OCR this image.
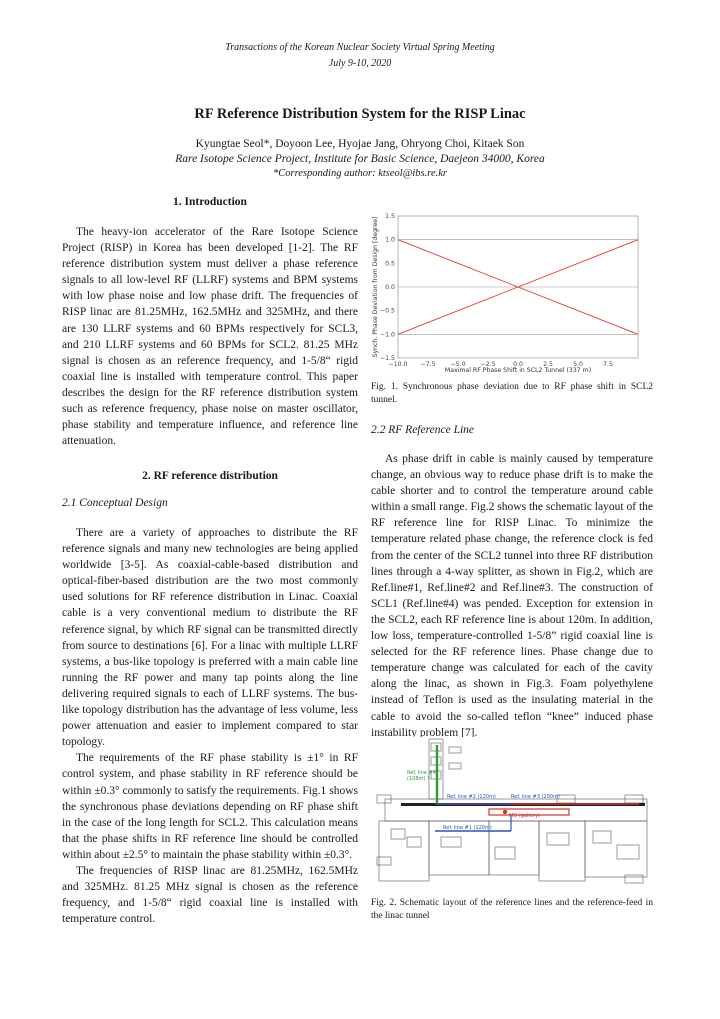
Transactions of the Korean Nuclear Society Virtual Spring Meeting
July 9-10, 2020
RF Reference Distribution System for the RISP Linac
Kyungtae Seol*, Doyoon Lee, Hyojae Jang, Ohryong Choi, Kitaek Son
Rare Isotope Science Project, Institute for Basic Science, Daejeon 34000, Korea
*Corresponding author: ktseol@ibs.re.kr
1. Introduction

The heavy-ion accelerator of the Rare Isotope Science Project (RISP) in Korea has been developed [1-2]. The RF reference distribution system must deliver a phase reference signals to all low-level RF (LLRF) systems and BPM systems with low phase noise and low phase drift. The frequencies of RISP linac are 81.25MHz, 162.5MHz and 325MHz, and there are 130 LLRF systems and 60 BPMs respectively for SCL3, and 210 LLRF systems and 60 BPMs for SCL2. 81.25 MHz signal is chosen as an reference frequency, and 1-5/8“ rigid coaxial line is installed with temperature control. This paper describes the design for the RF reference distribution system such as reference frequency, phase noise on master oscillator, phase stability and temperature influence, and reference line attenuation.

2. RF reference distribution
2.1 Conceptual Design

There are a variety of approaches to distribute the RF reference signals and many new technologies are being applied worldwide [3-5]. As coaxial-cable-based distribution and optical-fiber-based distribution are the two most commonly used solutions for RF reference distribution in Linac. Coaxial cable is a very conventional medium to distribute the RF reference signal, by which RF signal can be transmitted directly from source to destinations [6]. For a linac with multiple LLRF systems, a bus-like topology is preferred with a main cable line running the RF power and many tap points along the line delivering required signals to each of LLRF systems. The bus-like topology distribution has the advantage of less volume, less power attenuation and easier to implement compared to star topology.

The requirements of the RF phase stability is ±1° in RF control system, and phase stability in RF reference should be within ±0.3° commonly to satisfy the requirements. Fig.1 shows the synchronous phase deviations depending on RF phase shift in the case of the long length for SCL2. This calculation means that the phase shifts in RF reference line should be controlled within about ±2.5° to maintain the phase stability within ±0.3°.

The frequencies of RISP linac are 81.25MHz, 162.5MHz and 325MHz. 81.25 MHz signal is chosen as the reference frequency, and 1-5/8“ rigid coaxial line is installed with temperature control.

1.5
1.0
0.5
0.0
−0.5
−1.0
−1.5
−10.0 −7.5 −5.0 −2.5	0.0	2.5	5.0	7.5
Maximal RF Phase Shift in SCL2 Tunnel (337 m)
Synch. Phase Deviation from Design [degree]
Fig. 1. Synchronous phase deviation due to RF phase shift in SCL2 tunnel.
2.2 RF Reference Line

As phase drift in cable is mainly caused by temperature change, an obvious way to reduce phase drift is to make the cable shorter and to control the temperature around cable within a small range. Fig.2 shows the schematic layout of the RF reference line for RISP Linac. To minimize the temperature related phase change, the reference clock is fed from the center of the SCL2 tunnel into three RF distribution lines through a 4-way splitter, as shown in Fig.2, which are Ref.line#1, Ref.line#2 and Ref.line#3. The construction of SCL1 (Ref.line#4) was pended. Exception for extension in the SCL2, each RF reference line is about 120m. In addition, low loss, temperature-controlled 1-5/8” rigid coaxial line is selected for the RF reference lines. Phase change due to temperature change was calculated for each of the cavity along the linac, as shown in Fig.3. Foam polyethylene instead of Teflon is used as the insulating material in the cable to avoid the so-called teflon “knee” induced phase instability problem [7].

Ref. line #4
(108m) ?
Ref. line #2 (120m)	Ref. line #3 (200m)
MO (gallery)
Ref. line #1 (120m)
Fig. 2. Schematic layout of the reference lines and the reference-feed in the linac tunnel
